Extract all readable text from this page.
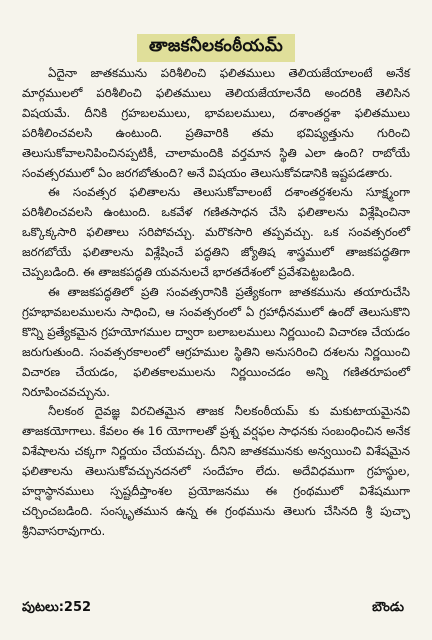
తాజకనీలకంఠీయమ్

ఏదైనా జాతకమును పరిశీలించి ఫలితములు తెలియజేయాలంటే అనేక మార్గములలో పరిశీలించి ఫలితములు తెలియజేయాలనేది అందరికి తెలిసిన విషయమే. దీనికి గ్రహబలములు, భావబలములు, దశాంతర్దశా ఫలితములు పరిశీలించవలసి ఉంటుంది. ప్రతివారికి తమ భవిష్యత్తును గురించి తెలుసుకోవాలనిపించినప్పటికీ, చాలామందికి వర్తమాన స్థితి ఎలా ఉంది? రాబోయే సంవత్సరములో ఏం జరగబోతుంది? అనే విషయం తెలుసుకోవడానికి ఇష్టపడతారు.

ఈ సంవత్సర ఫలితాలను తెలుసుకోవాలంటే దశాంతర్దశలను సూక్ష్మంగా పరిశీలించవలసి ఉంటుంది. ఒకవేళ గణితసాధన చేసి ఫలితాలను విశ్లేషించినా ఒక్కొక్కసారి ఫలితాలు సరిపోవచ్చు. మరొకసారి తప్పవచ్చు. ఒక సంవత్సరంలో జరగబోయే ఫలితాలను విశ్లేషించే పద్ధతిని జ్యోతిష శాస్త్రములో తాజకపద్ధతిగా చెప్పబడింది. ఈ తాజకపద్ధతి యవనులచే భారతదేశంలో ప్రవేశపెట్టబడింది.

ఈ తాజకపద్ధతిలో ప్రతి సంవత్సరానికి ప్రత్యేకంగా జాతకమును తయారుచేసి గ్రహభావబలములను సాధించి, ఆ సంవత్సరంలో ఏ గ్రహాధీనములో ఉందో తెలుసుకొని కొన్ని ప్రత్యేకమైన గ్రహయోగముల ద్వారా బలాబలములు నిర్ణయించి విచారణ చేయడం జరుగుతుంది. సంవత్సరకాలంలో ఆగ్రహముల స్థితిని అనుసరించి దశలను నిర్ణయించి విచారణ చేయడం, ఫలితకాలములను నిర్ణయించడం అన్ని గణితరూపంలో నిరూపించవచ్చును.

నీలకంఠ దైవజ్ఞ విరచితమైన తాజక నీలకంఠీయమ్ కు మకుటాయమైనవి తాజకయోగాలు. కేవలం ఈ 16 యోగాలతో ప్రశ్న వర్షఫల సాధనకు సంబంధించిన అనేక విశేషాలను చక్కగా నిర్ణయం చేయవచ్చు. దీనిని జాతకమునకు అన్వయించి విశేషమైన ఫలితాలను తెలుసుకోవచ్చునదనలో సందేహం లేదు. అదేవిధముగా గ్రహస్థుల, హర్షాస్థానములు స్పష్టదీప్తాంశల ప్రయోజనము ఈ గ్రంథములో విశేషముగా చర్చించబడింది. సంస్కృతమున ఉన్న ఈ గ్రంథమును తెలుగు చేసినది శ్రీ పుచ్ఛా శ్రీనివాసరావుగారు.

పుటలు:252	బౌండు
